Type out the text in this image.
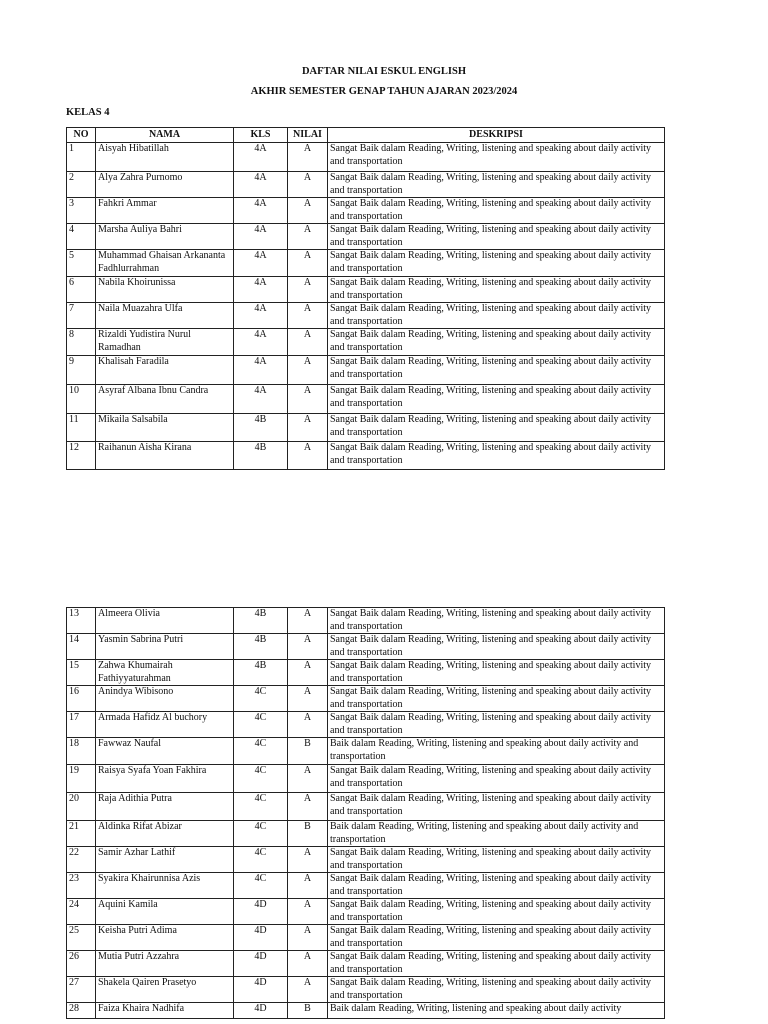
DAFTAR NILAI ESKUL ENGLISH
AKHIR SEMESTER GENAP TAHUN AJARAN 2023/2024
KELAS 4
NO	NAMA	KLS	NILAI	DESKRIPSI
1	Aisyah Hibatillah	4A	A	Sangat Baik dalam Reading, Writing, listening and speaking about daily activity and transportation
2	Alya Zahra Purnomo	4A	A	Sangat Baik dalam Reading, Writing, listening and speaking about daily activity and transportation
3	Fahkri Ammar	4A	A	Sangat Baik dalam Reading, Writing, listening and speaking about daily activity and transportation
4	Marsha Auliya Bahri	4A	A	Sangat Baik dalam Reading, Writing, listening and speaking about daily activity and transportation
5	Muhammad Ghaisan Arkananta Fadhlurrahman	4A	A	Sangat Baik dalam Reading, Writing, listening and speaking about daily activity and transportation
6	Nabila Khoirunissa	4A	A	Sangat Baik dalam Reading, Writing, listening and speaking about daily activity and transportation
7	Naila Muazahra Ulfa	4A	A	Sangat Baik dalam Reading, Writing, listening and speaking about daily activity and transportation
8	Rizaldi Yudistira Nurul Ramadhan	4A	A	Sangat Baik dalam Reading, Writing, listening and speaking about daily activity and transportation
9	Khalisah Faradila	4A	A	Sangat Baik dalam Reading, Writing, listening and speaking about daily activity and transportation
10	Asyraf Albana Ibnu Candra	4A	A	Sangat Baik dalam Reading, Writing, listening and speaking about daily activity and transportation
11	Mikaila Salsabila	4B	A	Sangat Baik dalam Reading, Writing, listening and speaking about daily activity and transportation
12	Raihanun Aisha Kirana	4B	A	Sangat Baik dalam Reading, Writing, listening and speaking about daily activity and transportation
13	Almeera Olivia	4B	A	Sangat Baik dalam Reading, Writing, listening and speaking about daily activity and transportation
14	Yasmin Sabrina Putri	4B	A	Sangat Baik dalam Reading, Writing, listening and speaking about daily activity and transportation
15	Zahwa Khumairah Fathiyyaturahman	4B	A	Sangat Baik dalam Reading, Writing, listening and speaking about daily activity and transportation
16	Anindya Wibisono	4C	A	Sangat Baik dalam Reading, Writing, listening and speaking about daily activity and transportation
17	Armada Hafidz Al buchory	4C	A	Sangat Baik dalam Reading, Writing, listening and speaking about daily activity and transportation
18	Fawwaz Naufal	4C	B	Baik dalam Reading, Writing, listening and speaking about daily activity and transportation
19	Raisya Syafa Yoan Fakhira	4C	A	Sangat Baik dalam Reading, Writing, listening and speaking about daily activity and transportation
20	Raja Adithia Putra	4C	A	Sangat Baik dalam Reading, Writing, listening and speaking about daily activity and transportation
21	Aldinka Rifat Abizar	4C	B	Baik dalam Reading, Writing, listening and speaking about daily activity and transportation
22	Samir Azhar Lathif	4C	A	Sangat Baik dalam Reading, Writing, listening and speaking about daily activity and transportation
23	Syakira Khairunnisa Azis	4C	A	Sangat Baik dalam Reading, Writing, listening and speaking about daily activity and transportation
24	Aquini Kamila	4D	A	Sangat Baik dalam Reading, Writing, listening and speaking about daily activity and transportation
25	Keisha Putri Adima	4D	A	Sangat Baik dalam Reading, Writing, listening and speaking about daily activity and transportation
26	Mutia Putri Azzahra	4D	A	Sangat Baik dalam Reading, Writing, listening and speaking about daily activity and transportation
27	Shakela Qairen Prasetyo	4D	A	Sangat Baik dalam Reading, Writing, listening and speaking about daily activity and transportation
28	Faiza Khaira Nadhifa	4D	B	Baik dalam Reading, Writing, listening and speaking about daily activity
